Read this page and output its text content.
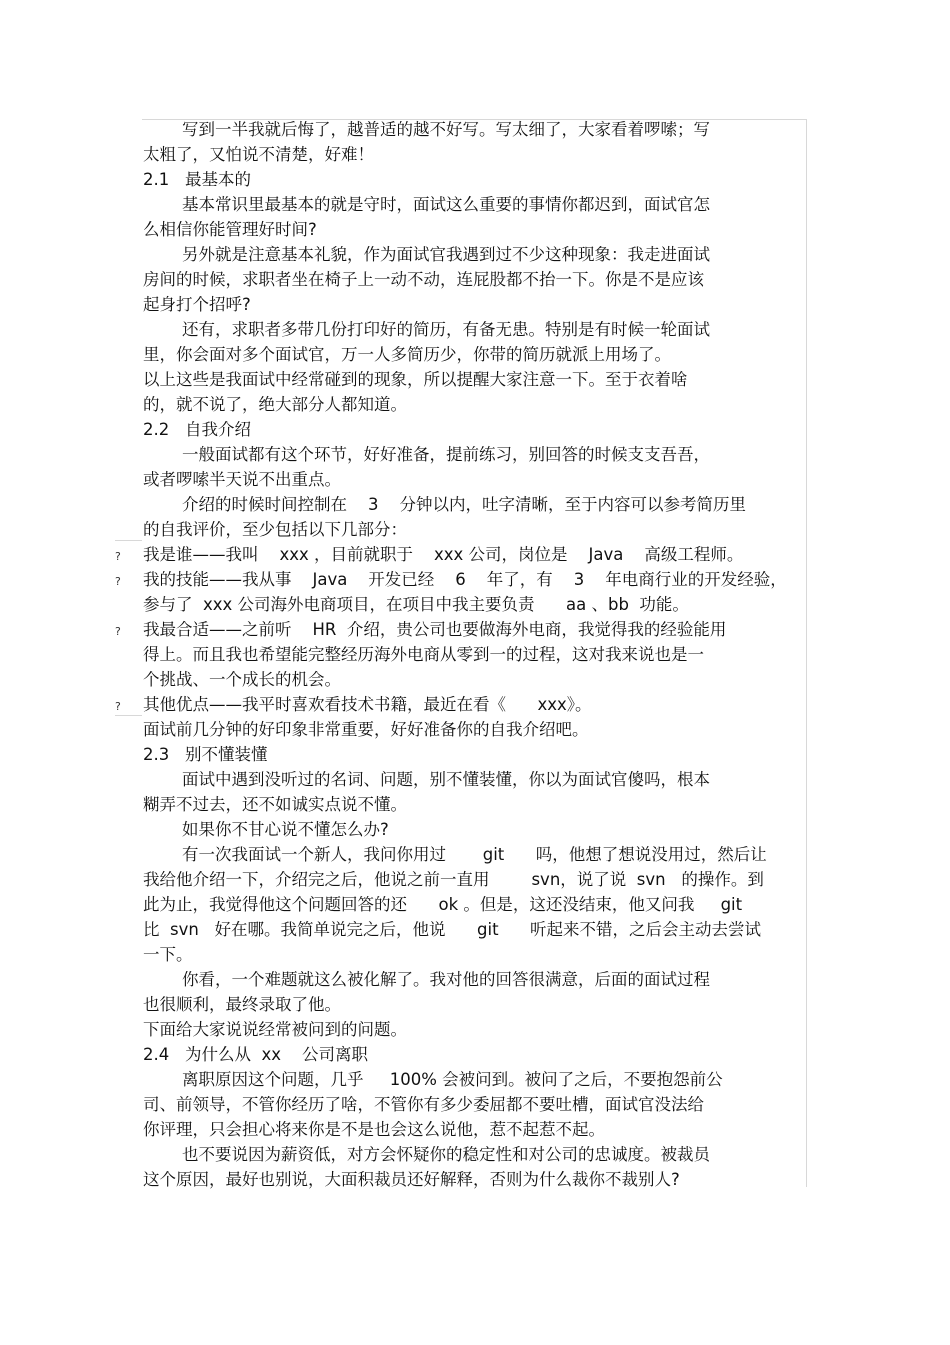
写到一半我就后悔了，越普适的越不好写。写太细了，大家看着啰嗦；写
太粗了，又怕说不清楚，好难！
2.1   最基本的
基本常识里最基本的就是守时，面试这么重要的事情你都迟到，面试官怎
么相信你能管理好时间?
另外就是注意基本礼貌，作为面试官我遇到过不少这种现象：我走进面试
房间的时候，求职者坐在椅子上一动不动，连屁股都不抬一下。你是不是应该
起身打个招呼?
还有，求职者多带几份打印好的简历，有备无患。特别是有时候一轮面试
里，你会面对多个面试官，万一人多简历少，你带的简历就派上用场了。
以上这些是我面试中经常碰到的现象，所以提醒大家注意一下。至于衣着啥
的，就不说了，绝大部分人都知道。
2.2   自我介绍
一般面试都有这个环节，好好准备，提前练习，别回答的时候支支吾吾，
或者啰嗦半天说不出重点。
介绍的时候时间控制在    3    分钟以内，吐字清晰，至于内容可以参考简历里
的自我评价，至少包括以下几部分：
? 我是谁——我叫    xxx ，目前就职于    xxx 公司，岗位是    Java    高级工程师。
? 我的技能——我从事    Java    开发已经    6    年了，有    3    年电商行业的开发经验，
参与了  xxx 公司海外电商项目，在项目中我主要负责      aa 、bb  功能。
? 我最合适——之前听    HR  介绍，贵公司也要做海外电商，我觉得我的经验能用
得上。而且我也希望能完整经历海外电商从零到一的过程，这对我来说也是一
个挑战、一个成长的机会。
? 其他优点——我平时喜欢看技术书籍，最近在看《      xxx》。
面试前几分钟的好印象非常重要，好好准备你的自我介绍吧。
2.3   别不懂装懂
面试中遇到没听过的名词、问题，别不懂装懂，你以为面试官傻吗，根本
糊弄不过去，还不如诚实点说不懂。
如果你不甘心说不懂怎么办?
有一次我面试一个新人，我问你用过       git      吗，他想了想说没用过，然后让
我给他介绍一下，介绍完之后，他说之前一直用        svn，说了说  svn   的操作。到
此为止，我觉得他这个问题回答的还      ok 。但是，这还没结束，他又问我     git
比  svn   好在哪。我简单说完之后，他说      git      听起来不错，之后会主动去尝试
一下。
你看，一个难题就这么被化解了。我对他的回答很满意，后面的面试过程
也很顺利，最终录取了他。
下面给大家说说经常被问到的问题。
2.4   为什么从  xx    公司离职
离职原因这个问题，几乎     100% 会被问到。被问了之后，不要抱怨前公
司、前领导，不管你经历了啥，不管你有多少委屈都不要吐槽，面试官没法给
你评理，只会担心将来你是不是也会这么说他，惹不起惹不起。
也不要说因为薪资低，对方会怀疑你的稳定性和对公司的忠诚度。被裁员
这个原因，最好也别说，大面积裁员还好解释，否则为什么裁你不裁别人?
